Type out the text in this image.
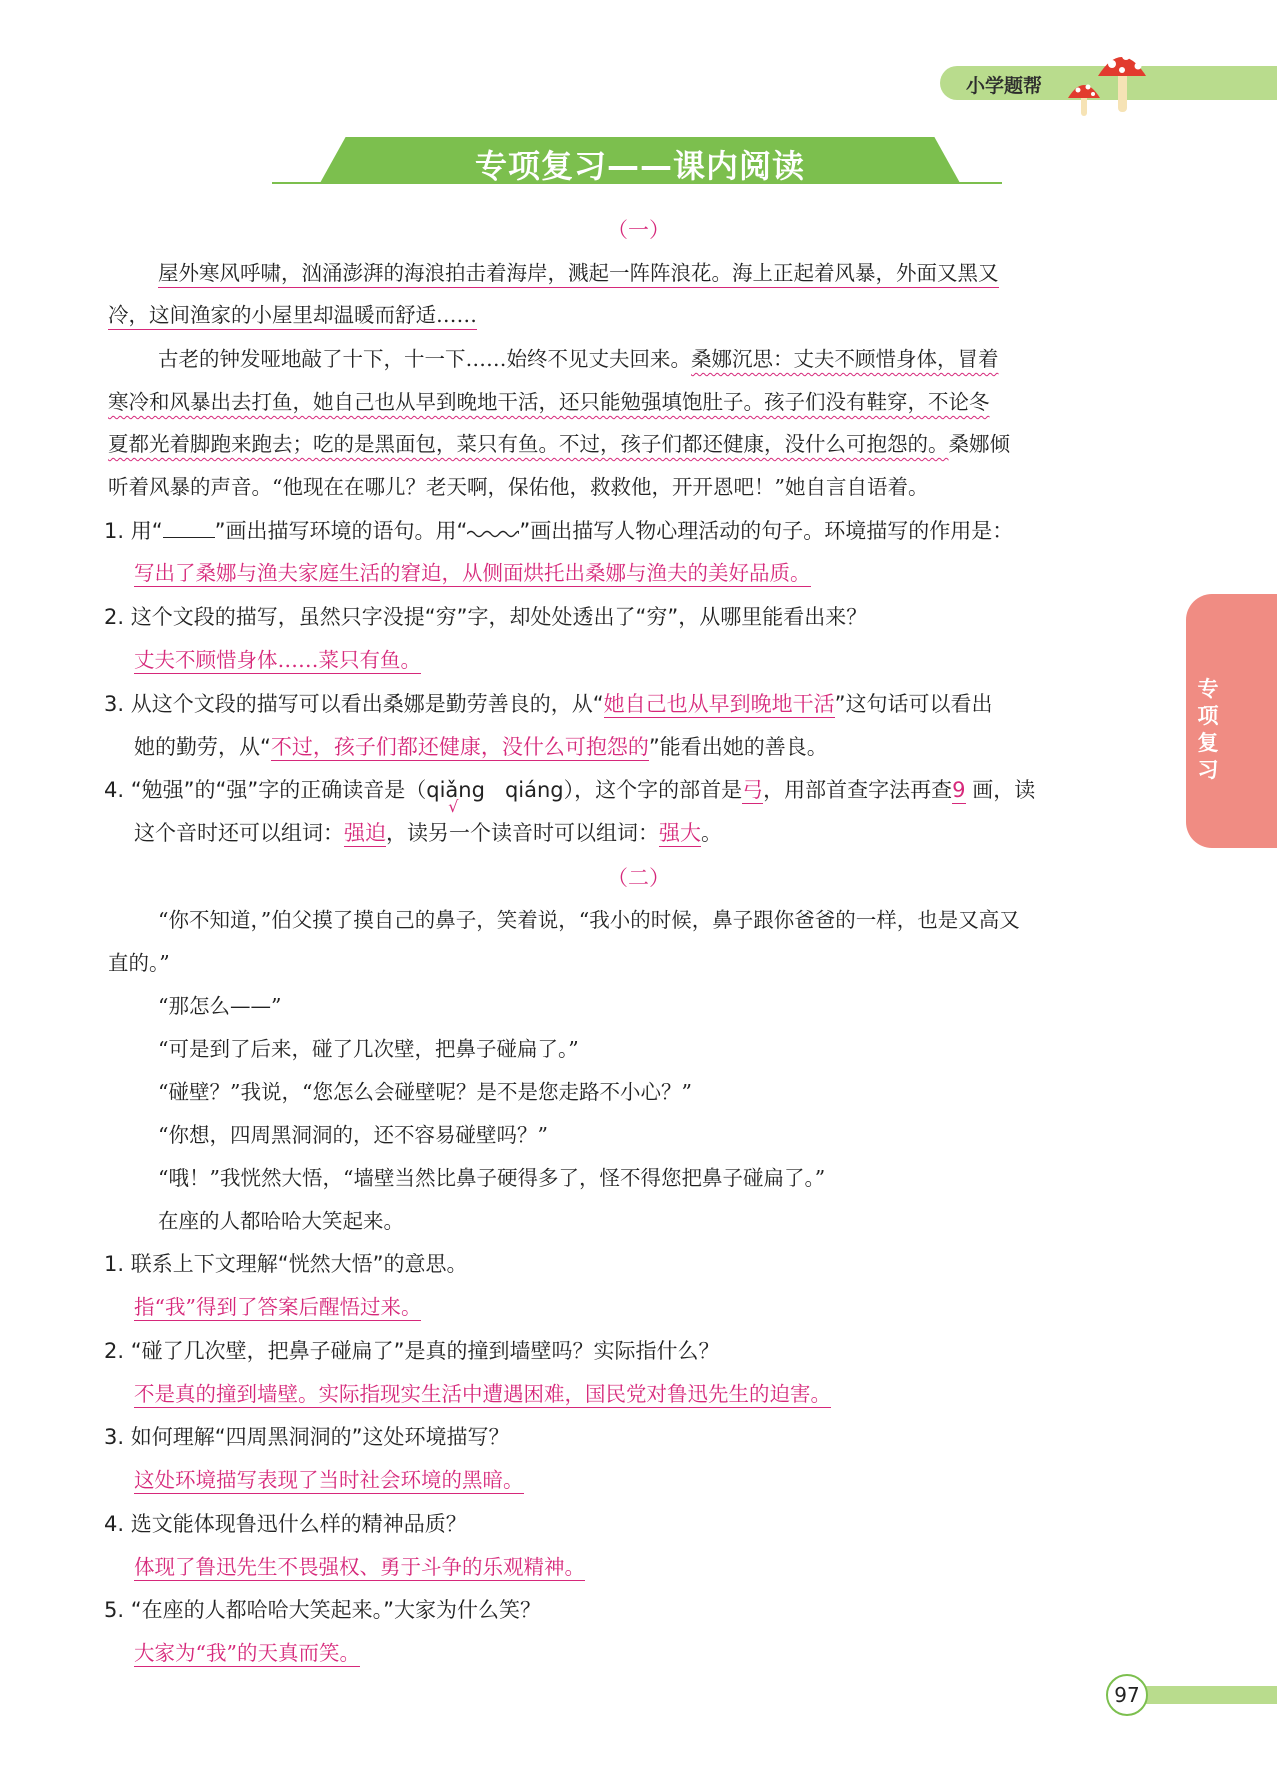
小学题帮
专项复习——课内阅读
专项复习
（一）
屋外寒风呼啸，汹涌澎湃的海浪拍击着海岸，溅起一阵阵浪花。海上正起着风暴，外面又黑又
冷，这间渔家的小屋里却温暖而舒适……
古老的钟发哑地敲了十下，十一下……始终不见丈夫回来。桑娜沉思：丈夫不顾惜身体，冒着
寒冷和风暴出去打鱼，她自己也从早到晚地干活，还只能勉强填饱肚子。孩子们没有鞋穿，不论冬
夏都光着脚跑来跑去；吃的是黑面包，菜只有鱼。不过，孩子们都还健康，没什么可抱怨的。桑娜倾
听着风暴的声音。“他现在在哪儿？老天啊，保佑他，救救他，开开恩吧！”她自言自语着。
1. 用“ ”画出描写环境的语句。用“ ”画出描写人物心理活动的句子。环境描写的作用是：
写出了桑娜与渔夫家庭生活的窘迫，从侧面烘托出桑娜与渔夫的美好品质。
2. 这个文段的描写，虽然只字没提“穷”字，却处处透出了“穷”，从哪里能看出来？
丈夫不顾惜身体……菜只有鱼。
3. 从这个文段的描写可以看出桑娜是勤劳善良的，从“她自己也从早到晚地干活”这句话可以看出
她的勤劳，从“不过，孩子们都还健康，没什么可抱怨的”能看出她的善良。
4. “勉强”的“强”字的正确读音是（qiǎng
√
qiáng），这个字的部首是弓，用部首查字法再查9 画，读
这个音时还可以组词：强迫，读另一个读音时可以组词：强大。
（二）
“你不知道，”伯父摸了摸自己的鼻子，笑着说，“我小的时候，鼻子跟你爸爸的一样，也是又高又
直的。”
“那怎么——”
“可是到了后来，碰了几次壁，把鼻子碰扁了。”
“碰壁？”我说，“您怎么会碰壁呢？是不是您走路不小心？”
“你想，四周黑洞洞的，还不容易碰壁吗？”
“哦！”我恍然大悟，“墙壁当然比鼻子硬得多了，怪不得您把鼻子碰扁了。”
在座的人都哈哈大笑起来。
1. 联系上下文理解“恍然大悟”的意思。
指“我”得到了答案后醒悟过来。
2. “碰了几次壁，把鼻子碰扁了”是真的撞到墙壁吗？实际指什么？
不是真的撞到墙壁。实际指现实生活中遭遇困难，国民党对鲁迅先生的迫害。
3. 如何理解“四周黑洞洞的”这处环境描写？
这处环境描写表现了当时社会环境的黑暗。
4. 选文能体现鲁迅什么样的精神品质？
体现了鲁迅先生不畏强权、勇于斗争的乐观精神。
5. “在座的人都哈哈大笑起来。”大家为什么笑？
大家为“我”的天真而笑。
97
